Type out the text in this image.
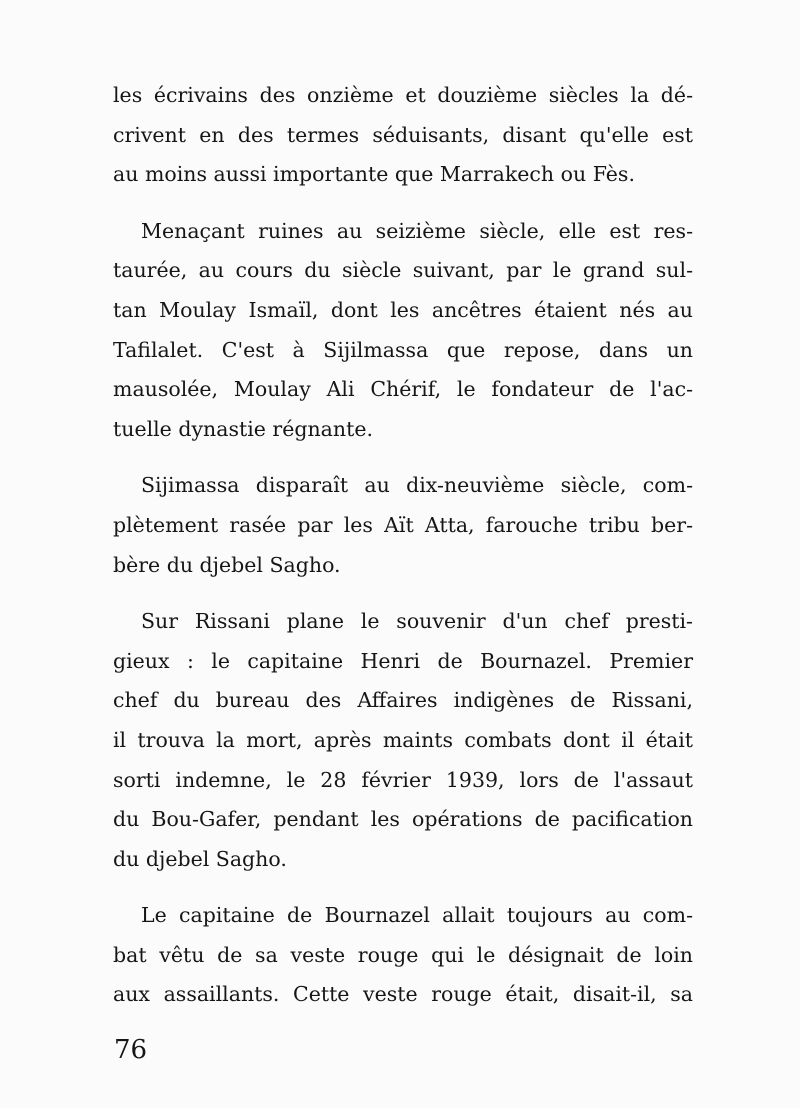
les écrivains des onzième et douzième siècles la dé-
crivent en des termes séduisants, disant qu'elle est
au moins aussi importante que Marrakech ou Fès.
Menaçant ruines au seizième siècle, elle est res-
taurée, au cours du siècle suivant, par le grand sul-
tan Moulay Ismaïl, dont les ancêtres étaient nés au
Tafilalet. C'est à Sijilmassa que repose, dans un
mausolée, Moulay Ali Chérif, le fondateur de l'ac-
tuelle dynastie régnante.
Sijimassa disparaît au dix-neuvième siècle, com-
plètement rasée par les Aït Atta, farouche tribu ber-
bère du djebel Sagho.
Sur Rissani plane le souvenir d'un chef presti-
gieux : le capitaine Henri de Bournazel. Premier
chef du bureau des Affaires indigènes de Rissani,
il trouva la mort, après maints combats dont il était
sorti indemne, le 28 février 1939, lors de l'assaut
du Bou-Gafer, pendant les opérations de pacification
du djebel Sagho.
Le capitaine de Bournazel allait toujours au com-
bat vêtu de sa veste rouge qui le désignait de loin
aux assaillants. Cette veste rouge était, disait-il, sa
76
